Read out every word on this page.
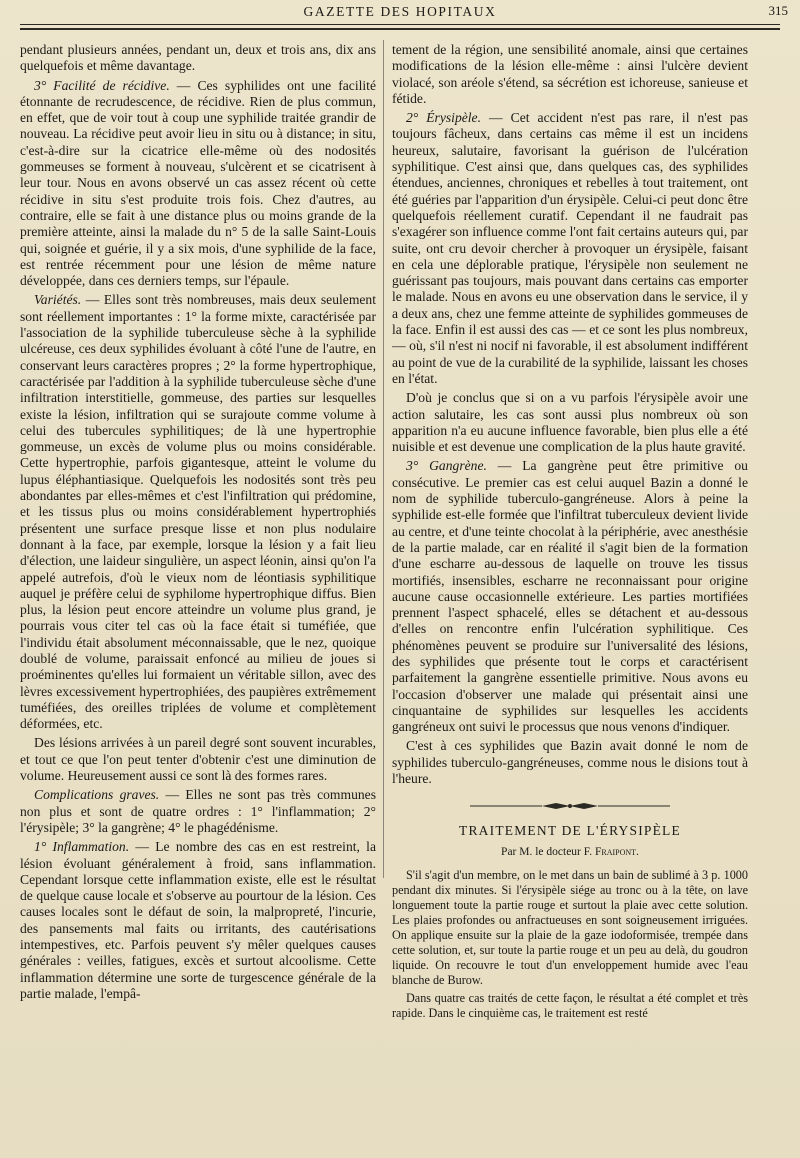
GAZETTE DES HOPITAUX	315

pendant plusieurs années, pendant un, deux et trois ans, dix ans quelquefois et même davantage.

3° Facilité de récidive. — Ces syphilides ont une facilité étonnante de recrudescence, de récidive. Rien de plus commun, en effet, que de voir tout à coup une syphilide traitée grandir de nouveau. La récidive peut avoir lieu in situ ou à distance; in situ, c'est-à-dire sur la cicatrice elle-même où des nodosités gommeuses se forment à nouveau, s'ulcèrent et se cicatrisent à leur tour. Nous en avons observé un cas assez récent où cette récidive in situ s'est produite trois fois. Chez d'autres, au contraire, elle se fait à une distance plus ou moins grande de la première atteinte, ainsi la malade du n° 5 de la salle Saint-Louis qui, soignée et guérie, il y a six mois, d'une syphilide de la face, est rentrée récemment pour une lésion de même nature développée, dans ces derniers temps, sur l'épaule.

Variétés. — Elles sont très nombreuses, mais deux seulement sont réellement importantes : 1° la forme mixte, caractérisée par l'association de la syphilide tuberculeuse sèche à la syphilide ulcéreuse, ces deux syphilides évoluant à côté l'une de l'autre, en conservant leurs caractères propres ; 2° la forme hypertrophique, caractérisée par l'addition à la syphilide tuberculeuse sèche d'une infiltration interstitielle, gommeuse, des parties sur lesquelles existe la lésion, infiltration qui se surajoute comme volume à celui des tubercules syphilitiques; de là une hypertrophie gommeuse, un excès de volume plus ou moins considérable. Cette hypertrophie, parfois gigantesque, atteint le volume du lupus éléphantiasique. Quelquefois les nodosités sont très peu abondantes par elles-mêmes et c'est l'infiltration qui prédomine, et les tissus plus ou moins considérablement hypertrophiés présentent une surface presque lisse et non plus nodulaire donnant à la face, par exemple, lorsque la lésion y a fait lieu d'élection, une laideur singulière, un aspect léonin, ainsi qu'on l'a appelé autrefois, d'où le vieux nom de léontiasis syphilitique auquel je préfère celui de syphilome hypertrophique diffus. Bien plus, la lésion peut encore atteindre un volume plus grand, je pourrais vous citer tel cas où la face était si tuméfiée, que l'individu était absolument méconnaissable, que le nez, quoique doublé de volume, paraissait enfoncé au milieu de joues si proéminentes qu'elles lui formaient un véritable sillon, avec des lèvres excessivement hypertrophiées, des paupières extrêmement tuméfiées, des oreilles triplées de volume et complètement déformées, etc.

Des lésions arrivées à un pareil degré sont souvent incurables, et tout ce que l'on peut tenter d'obtenir c'est une diminution de volume. Heureusement aussi ce sont là des formes rares.

Complications graves. — Elles ne sont pas très communes non plus et sont de quatre ordres : 1° l'inflammation; 2° l'érysipèle; 3° la gangrène; 4° le phagédénisme.

1° Inflammation. — Le nombre des cas en est restreint, la lésion évoluant généralement à froid, sans inflammation. Cependant lorsque cette inflammation existe, elle est le résultat de quelque cause locale et s'observe au pourtour de la lésion. Ces causes locales sont le défaut de soin, la malpropreté, l'incurie, des pansements mal faits ou irritants, des cautérisations intempestives, etc. Parfois peuvent s'y mêler quelques causes générales : veilles, fatigues, excès et surtout alcoolisme. Cette inflammation détermine une sorte de turgescence générale de la partie malade, l'empâ-

tement de la région, une sensibilité anomale, ainsi que certaines modifications de la lésion elle-même : ainsi l'ulcère devient violacé, son aréole s'étend, sa sécrétion est ichoreuse, sanieuse et fétide.

2° Érysipèle. — Cet accident n'est pas rare, il n'est pas toujours fâcheux, dans certains cas même il est un incidens heureux, salutaire, favorisant la guérison de l'ulcération syphilitique. C'est ainsi que, dans quelques cas, des syphilides étendues, anciennes, chroniques et rebelles à tout traitement, ont été guéries par l'apparition d'un érysipèle. Celui-ci peut donc être quelquefois réellement curatif. Cependant il ne faudrait pas s'exagérer son influence comme l'ont fait certains auteurs qui, par suite, ont cru devoir chercher à provoquer un érysipèle, faisant en cela une déplorable pratique, l'érysipèle non seulement ne guérissant pas toujours, mais pouvant dans certains cas emporter le malade. Nous en avons eu une observation dans le service, il y a deux ans, chez une femme atteinte de syphilides gommeuses de la face. Enfin il est aussi des cas — et ce sont les plus nombreux, — où, s'il n'est ni nocif ni favorable, il est absolument indifférent au point de vue de la curabilité de la syphilide, laissant les choses en l'état.

D'où je conclus que si on a vu parfois l'érysipèle avoir une action salutaire, les cas sont aussi plus nombreux où son apparition n'a eu aucune influence favorable, bien plus elle a été nuisible et est devenue une complication de la plus haute gravité.

3° Gangrène. — La gangrène peut être primitive ou consécutive. Le premier cas est celui auquel Bazin a donné le nom de syphilide tuberculo-gangréneuse. Alors à peine la syphilide est-elle formée que l'infiltrat tuberculeux devient livide au centre, et d'une teinte chocolat à la périphérie, avec anesthésie de la partie malade, car en réalité il s'agit bien de la formation d'une escharre au-dessous de laquelle on trouve les tissus mortifiés, insensibles, escharre ne reconnaissant pour origine aucune cause occasionnelle extérieure. Les parties mortifiées prennent l'aspect sphacelé, elles se détachent et au-dessous d'elles on rencontre enfin l'ulcération syphilitique. Ces phénomènes peuvent se produire sur l'universalité des lésions, des syphilides que présente tout le corps et caractérisent parfaitement la gangrène essentielle primitive. Nous avons eu l'occasion d'observer une malade qui présentait ainsi une cinquantaine de syphilides sur lesquelles les accidents gangréneux ont suivi le processus que nous venons d'indiquer.

C'est à ces syphilides que Bazin avait donné le nom de syphilides tuberculo-gangréneuses, comme nous le disions tout à l'heure.

TRAITEMENT DE L'ÉRYSIPÈLE
Par M. le docteur F. Fraipont.

S'il s'agit d'un membre, on le met dans un bain de sublimé à 3 p. 1000 pendant dix minutes. Si l'érysipèle siége au tronc ou à la tête, on lave longuement toute la partie rouge et surtout la plaie avec cette solution. Les plaies profondes ou anfractueuses en sont soigneusement irriguées. On applique ensuite sur la plaie de la gaze iodoformisée, trempée dans cette solution, et, sur toute la partie rouge et un peu au delà, du goudron liquide. On recouvre le tout d'un enveloppement humide avec l'eau blanche de Burow.

Dans quatre cas traités de cette façon, le résultat a été complet et très rapide. Dans le cinquième cas, le traitement est resté
